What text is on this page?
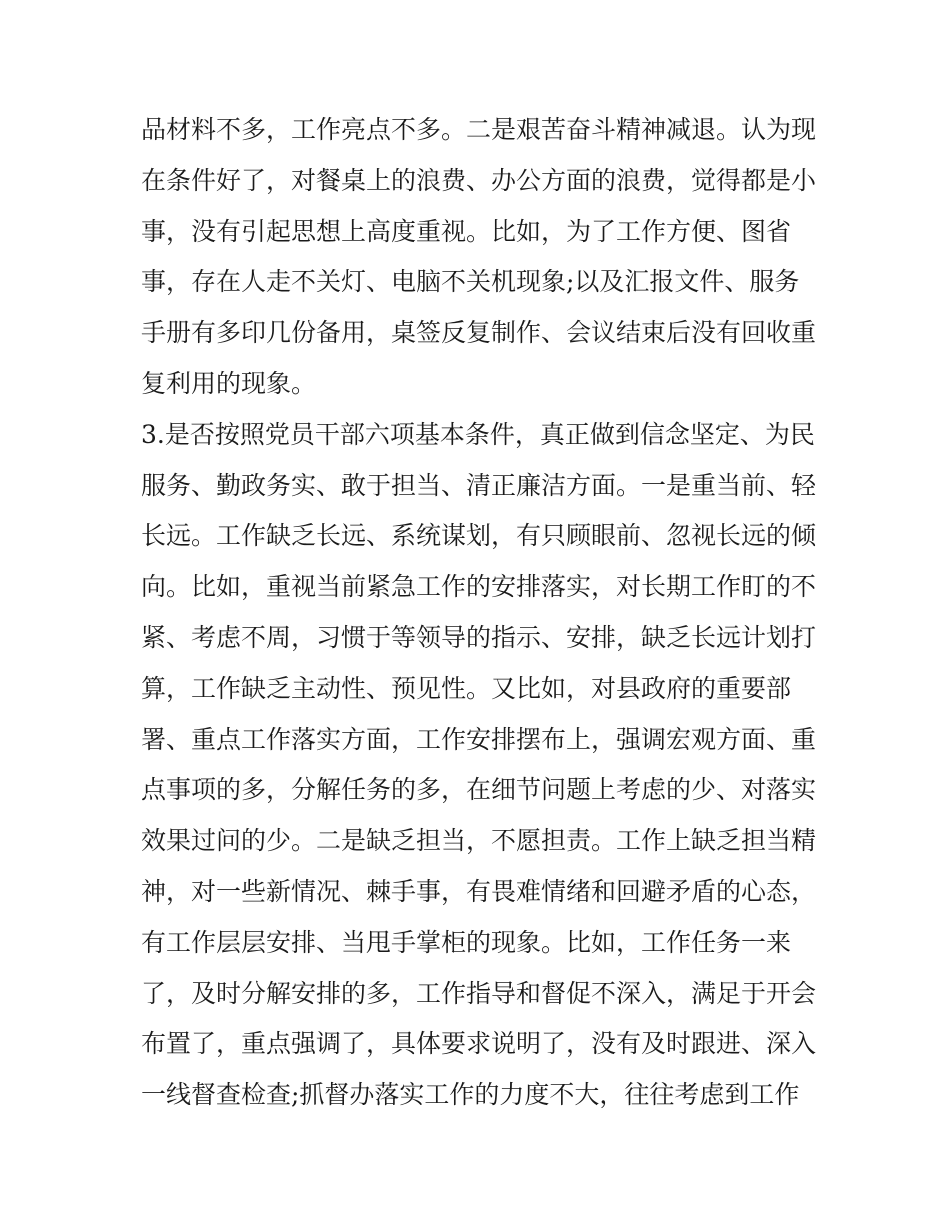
品材料不多，工作亮点不多。二是艰苦奋斗精神减退。认为现
在条件好了，对餐桌上的浪费、办公方面的浪费，觉得都是小
事，没有引起思想上高度重视。比如，为了工作方便、图省
事，存在人走不关灯、电脑不关机现象;以及汇报文件、服务
手册有多印几份备用，桌签反复制作、会议结束后没有回收重
复利用的现象。
3.是否按照党员干部六项基本条件，真正做到信念坚定、为民
服务、勤政务实、敢于担当、清正廉洁方面。一是重当前、轻
长远。工作缺乏长远、系统谋划，有只顾眼前、忽视长远的倾
向。比如，重视当前紧急工作的安排落实，对长期工作盯的不
紧、考虑不周，习惯于等领导的指示、安排，缺乏长远计划打
算，工作缺乏主动性、预见性。又比如，对县政府的重要部
署、重点工作落实方面，工作安排摆布上，强调宏观方面、重
点事项的多，分解任务的多，在细节问题上考虑的少、对落实
效果过问的少。二是缺乏担当，不愿担责。工作上缺乏担当精
神，对一些新情况、棘手事，有畏难情绪和回避矛盾的心态，
有工作层层安排、当甩手掌柜的现象。比如，工作任务一来
了，及时分解安排的多，工作指导和督促不深入，满足于开会
布置了，重点强调了，具体要求说明了，没有及时跟进、深入
一线督查检查;抓督办落实工作的力度不大，往往考虑到工作
